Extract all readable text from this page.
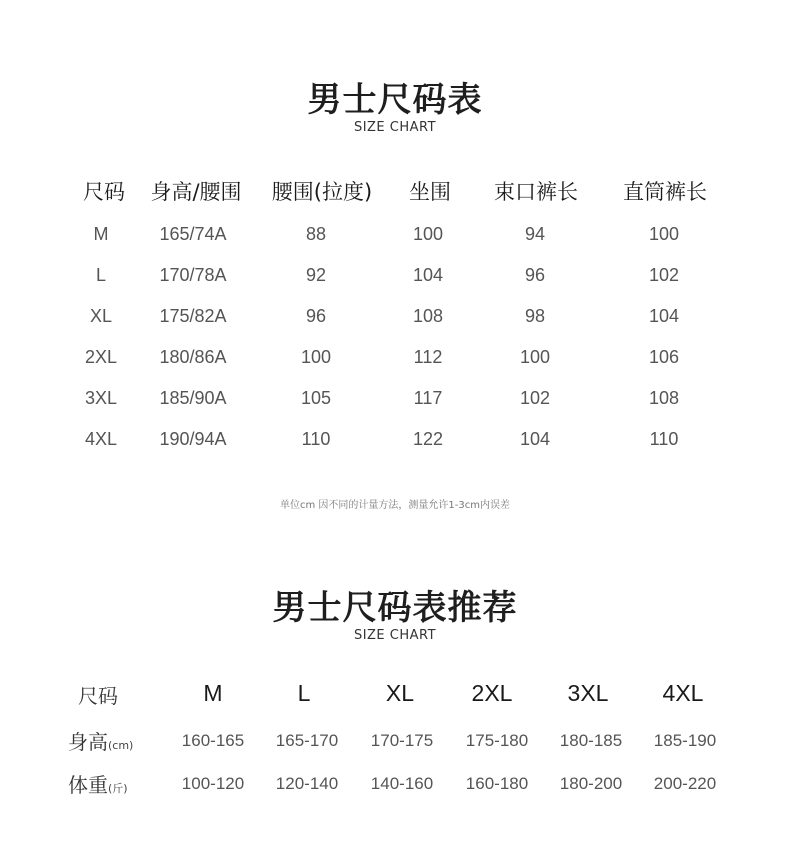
男士尺码表
SIZE CHART
尺码 身高/腰围 腰围(拉度) 坐围 束口裤长 直筒裤长
M	165/74A	88	100	94	100
L	170/78A	92	104	96	102
XL	175/82A	96	108	98	104
2XL 180/86A	100	112	100	106
3XL 185/90A	105	117	102	108
4XL 190/94A	110	122	104	110
单位cm 因不同的计量方法，测量允许1-3cm内误差
男士尺码表推荐
SIZE CHART
尺码	M	L	XL 2XL 3XL 4XL
身高(cm)	160-165 165-170 170-175 175-180 180-185 185-190
体重(斤)	100-120 120-140 140-160 160-180 180-200 200-220
